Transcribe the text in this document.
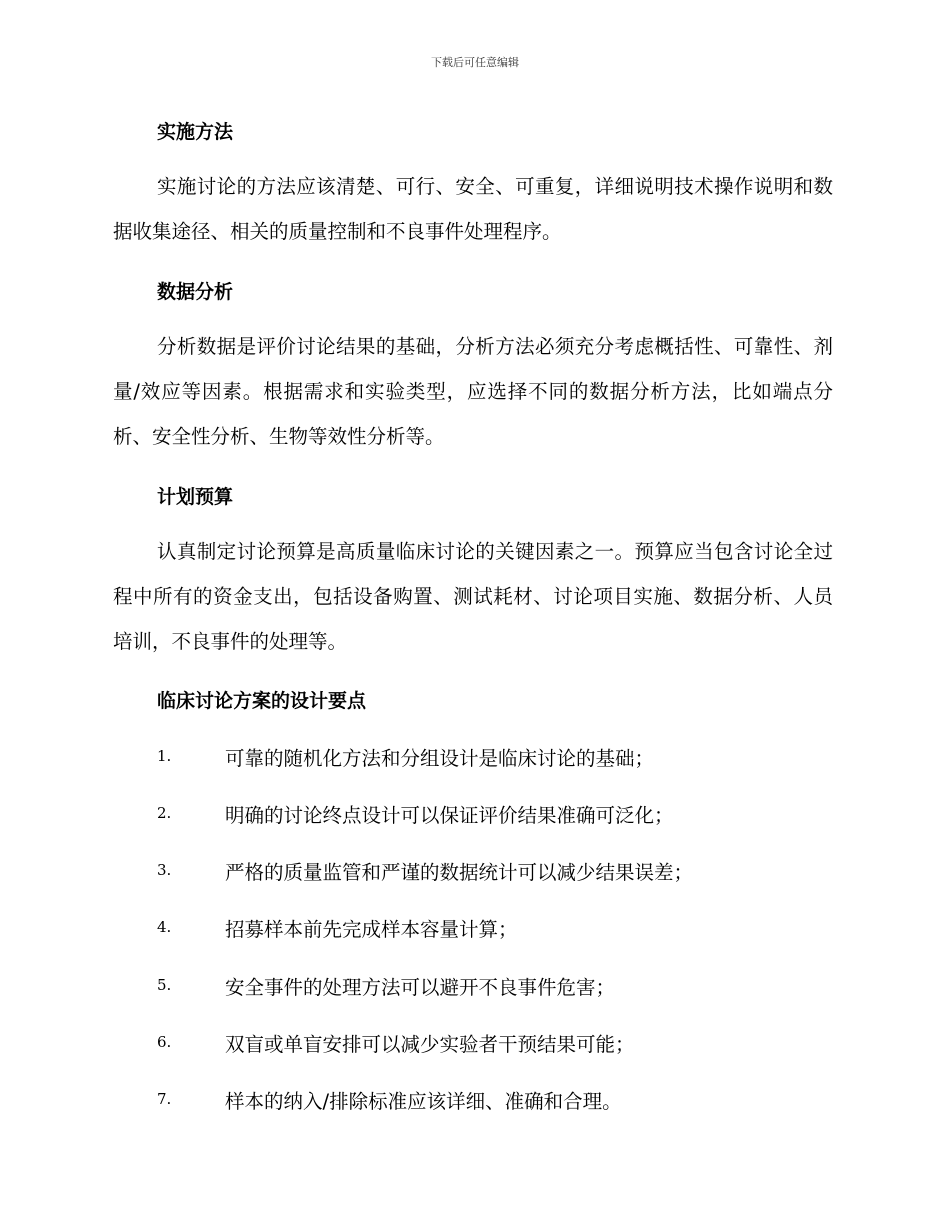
下载后可任意编辑
实施方法
实施讨论的方法应该清楚、可行、安全、可重复，详细说明技术操作说明和数据收集途径、相关的质量控制和不良事件处理程序。
数据分析
分析数据是评价讨论结果的基础，分析方法必须充分考虑概括性、可靠性、剂量/效应等因素。根据需求和实验类型，应选择不同的数据分析方法，比如端点分析、安全性分析、生物等效性分析等。
计划预算
认真制定讨论预算是高质量临床讨论的关键因素之一。预算应当包含讨论全过程中所有的资金支出，包括设备购置、测试耗材、讨论项目实施、数据分析、人员培训，不良事件的处理等。
临床讨论方案的设计要点
1.	可靠的随机化方法和分组设计是临床讨论的基础；
2.	明确的讨论终点设计可以保证评价结果准确可泛化；
3.	严格的质量监管和严谨的数据统计可以减少结果误差；
4.	招募样本前先完成样本容量计算；
5.	安全事件的处理方法可以避开不良事件危害；
6.	双盲或单盲安排可以减少实验者干预结果可能；
7.	样本的纳入/排除标准应该详细、准确和合理。
